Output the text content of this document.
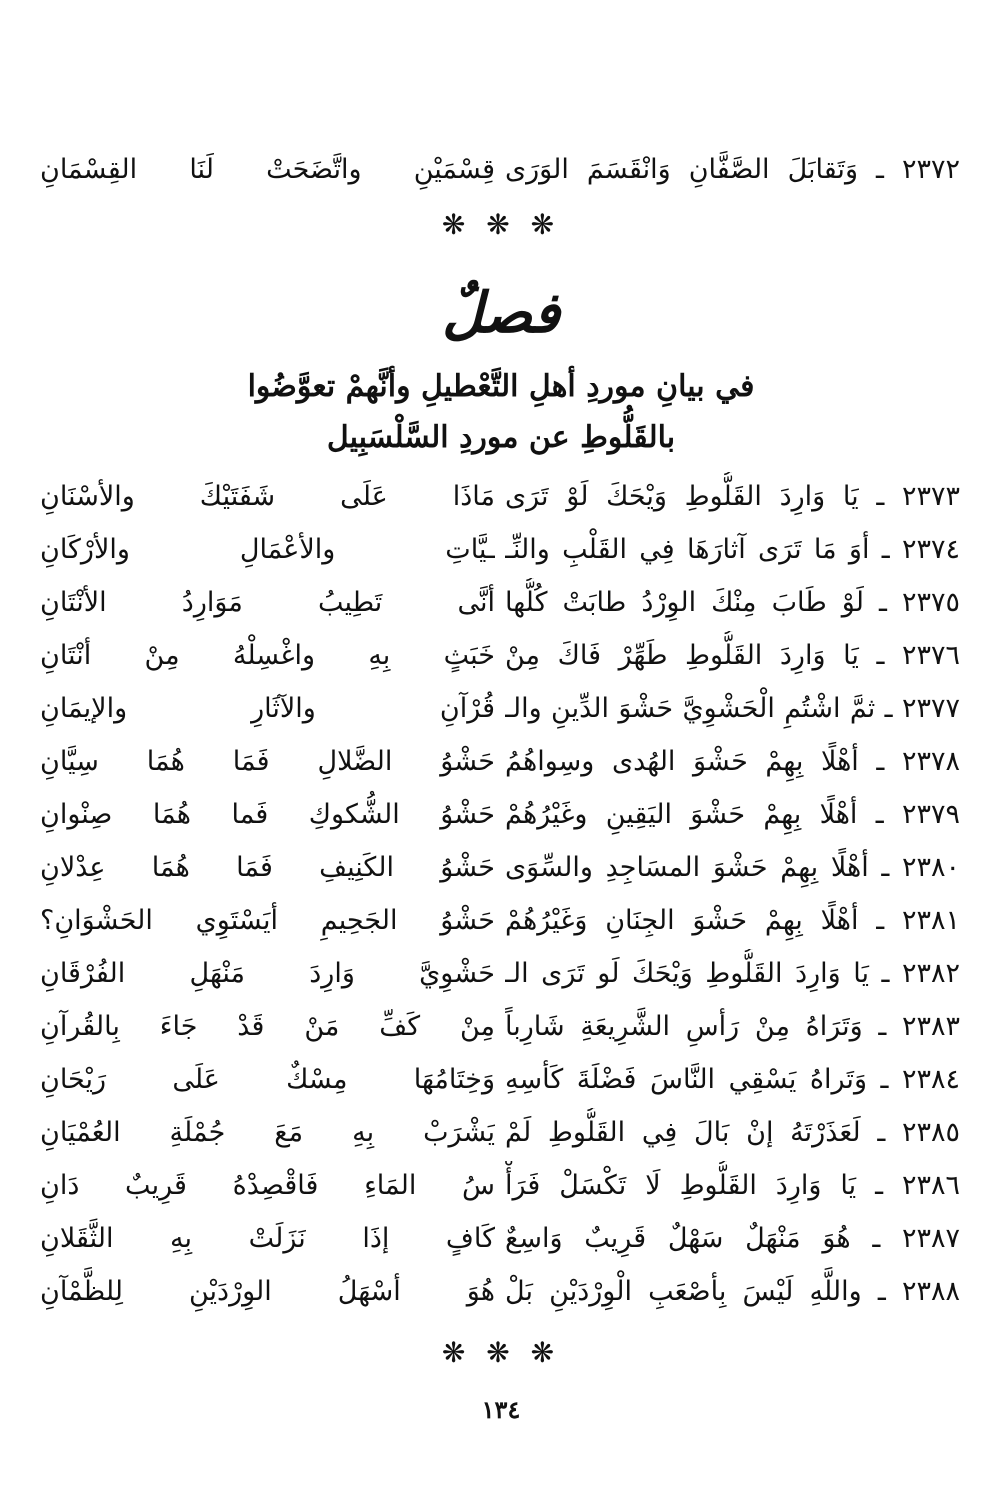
٢٣٧٢ ـ وَتَقابَلَ الصَّفَّانِ وَانْقَسَمَ الوَرَى
قِسْمَيْنِ واتَّضَحَتْ لَنَا القِسْمَانِ
❋ ❋ ❋
فصلٌ
في بيانِ موردِ أهلِ التَّعْطيلِ وأنَّهمْ تعوَّضُوا
بالقَلُّوطِ عن موردِ السَّلْسَبِيل
٢٣٧٣ ـ يَا وَارِدَ القَلُّوطِ وَيْحَكَ لَوْ تَرَى
مَاذَا عَلَى شَفَتَيْكَ والأسْنَانِ
٢٣٧٤ ـ أوَ مَا تَرَى آثارَهَا فِي القَلْبِ والنِّـ
ـيَّاتِ والأعْمَالِ والأرْكَانِ
٢٣٧٥ ـ لَوْ طَابَ مِنْكَ الوِرْدُ طابَتْ كُلُّها
أنَّى تَطِيبُ مَوَارِدُ الأنْتَانِ
٢٣٧٦ ـ يَا وَارِدَ القَلُّوطِ طَهِّرْ فَاكَ مِنْ
خَبَثٍ بِهِ واغْسِلْهُ مِنْ أنْتَانِ
٢٣٧٧ ـ ثمَّ اشْتُمِ الْحَشْوِيَّ حَشْوَ الدِّينِ والـ
قُرْآنِ والآثَارِ والإيمَانِ
٢٣٧٨ ـ أهْلًا بِهِمْ حَشْوَ الهُدى وسِواهُمُ
حَشْوُ الضَّلالِ فَمَا هُمَا سِيَّانِ
٢٣٧٩ ـ أهْلًا بِهِمْ حَشْوَ اليَقِينِ وغَيْرُهُمْ
حَشْوُ الشُّكوكِ فَما هُمَا صِنْوانِ
٢٣٨٠ ـ أهْلًا بِهِمْ حَشْوَ المسَاجِدِ والسِّوَى
حَشْوُ الكَنِيفِ فَمَا هُمَا عِدْلانِ
٢٣٨١ ـ أهْلًا بِهِمْ حَشْوَ الجِنَانِ وَغَيْرُهُمْ
حَشْوُ الجَحِيمِ أيَسْتَوِي الحَشْوَانِ؟
٢٣٨٢ ـ يَا وَارِدَ القَلُّوطِ وَيْحَكَ لَو تَرَى الـ
حَشْوِيَّ وَارِدَ مَنْهَلِ الفُرْقَانِ
٢٣٨٣ ـ وَتَرَاهُ مِنْ رَأسِ الشَّرِيعَةِ شَارِباً
مِنْ كَفِّ مَنْ قَدْ جَاءَ بِالقُرآنِ
٢٣٨٤ ـ وَتَراهُ يَسْقِي النَّاسَ فَضْلَةَ كَأسِهِ
وَخِتَامُهَا مِسْكٌ عَلَى رَيْحَانِ
٢٣٨٥ ـ لَعَذَرْتَهُ إنْ بَالَ فِي القَلُّوطِ لَمْ
يَشْرَبْ بِهِ مَعَ جُمْلَةِ العُمْيَانِ
٢٣٨٦ ـ يَا وَارِدَ القَلُّوطِ لَا تَكْسَلْ فَرَأْ
سُ المَاءِ فَاقْصِدْهُ قَرِيبٌ دَانِ
٢٣٨٧ ـ هُوَ مَنْهَلٌ سَهْلٌ قَرِيبٌ وَاسِعٌ
كَافٍ إذَا نَزَلَتْ بِهِ الثَّقَلانِ
٢٣٨٨ ـ واللَّهِ لَيْسَ بِأصْعَبِ الْوِرْدَيْنِ بَلْ
هُوَ أسْهَلُ الوِرْدَيْنِ لِلظَّمْآنِ
❋ ❋ ❋
١٣٤
